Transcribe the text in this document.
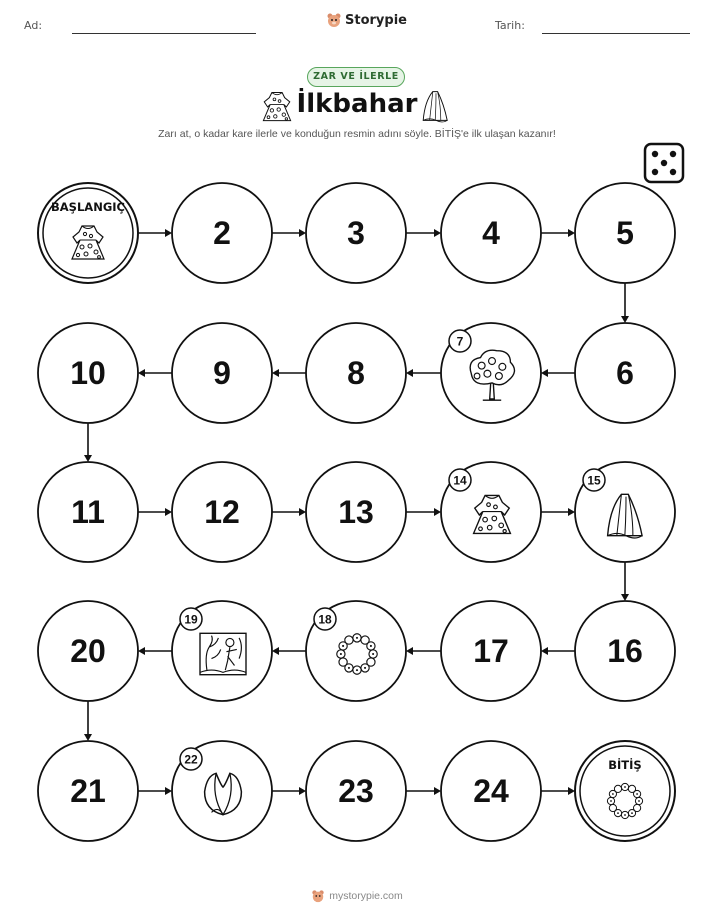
Ad:	Storypie	Tarih:
ZAR VE İLERLE
BAŞLANGIÇ
2	3	4	5
6
7
8
9
10
11	12	13
14	15
16
17
18
19
20
21
22
23	24
BİTİŞ
İlkbahar
Zarı at, o kadar kare ilerle ve konduğun resmin adını söyle. BİTİŞ'e ilk ulaşan kazanır!
mystorypie.com
